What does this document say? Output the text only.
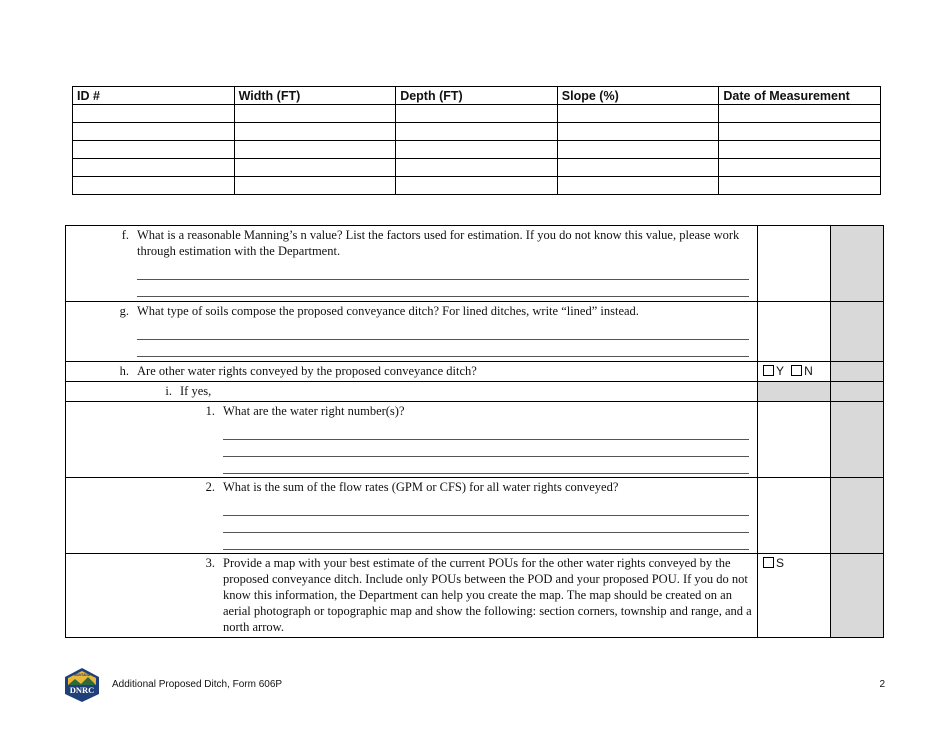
ID #	Width (FT)	Depth (FT)	Slope (%)	Date of Measurement

f. What is a reasonable Manning’s n value? List the factors used for estimation. If you do not know this value, please work through estimation with the Department.		

g. What type of soils compose the proposed conveyance ditch? For lined ditches, write “lined” instead.		

h. Are other water rights conveyed by the proposed conveyance ditch?	Y N	

i. If yes,		

1. What are the water right number(s)?		

2. What is the sum of the flow rates (GPM or CFS) for all water rights conveyed?		

3. Provide a map with your best estimate of the current POUs for the other water rights conveyed by the proposed conveyance ditch. Include only POUs between the POD and your proposed POU. If you do not know this information, the Department can help you create the map. The map should be created on an aerial photograph or topographic map and show the following: section corners, township and range, and a north arrow.	S	
MONTANA
DNRC Additional Proposed Ditch, Form 606P	2
